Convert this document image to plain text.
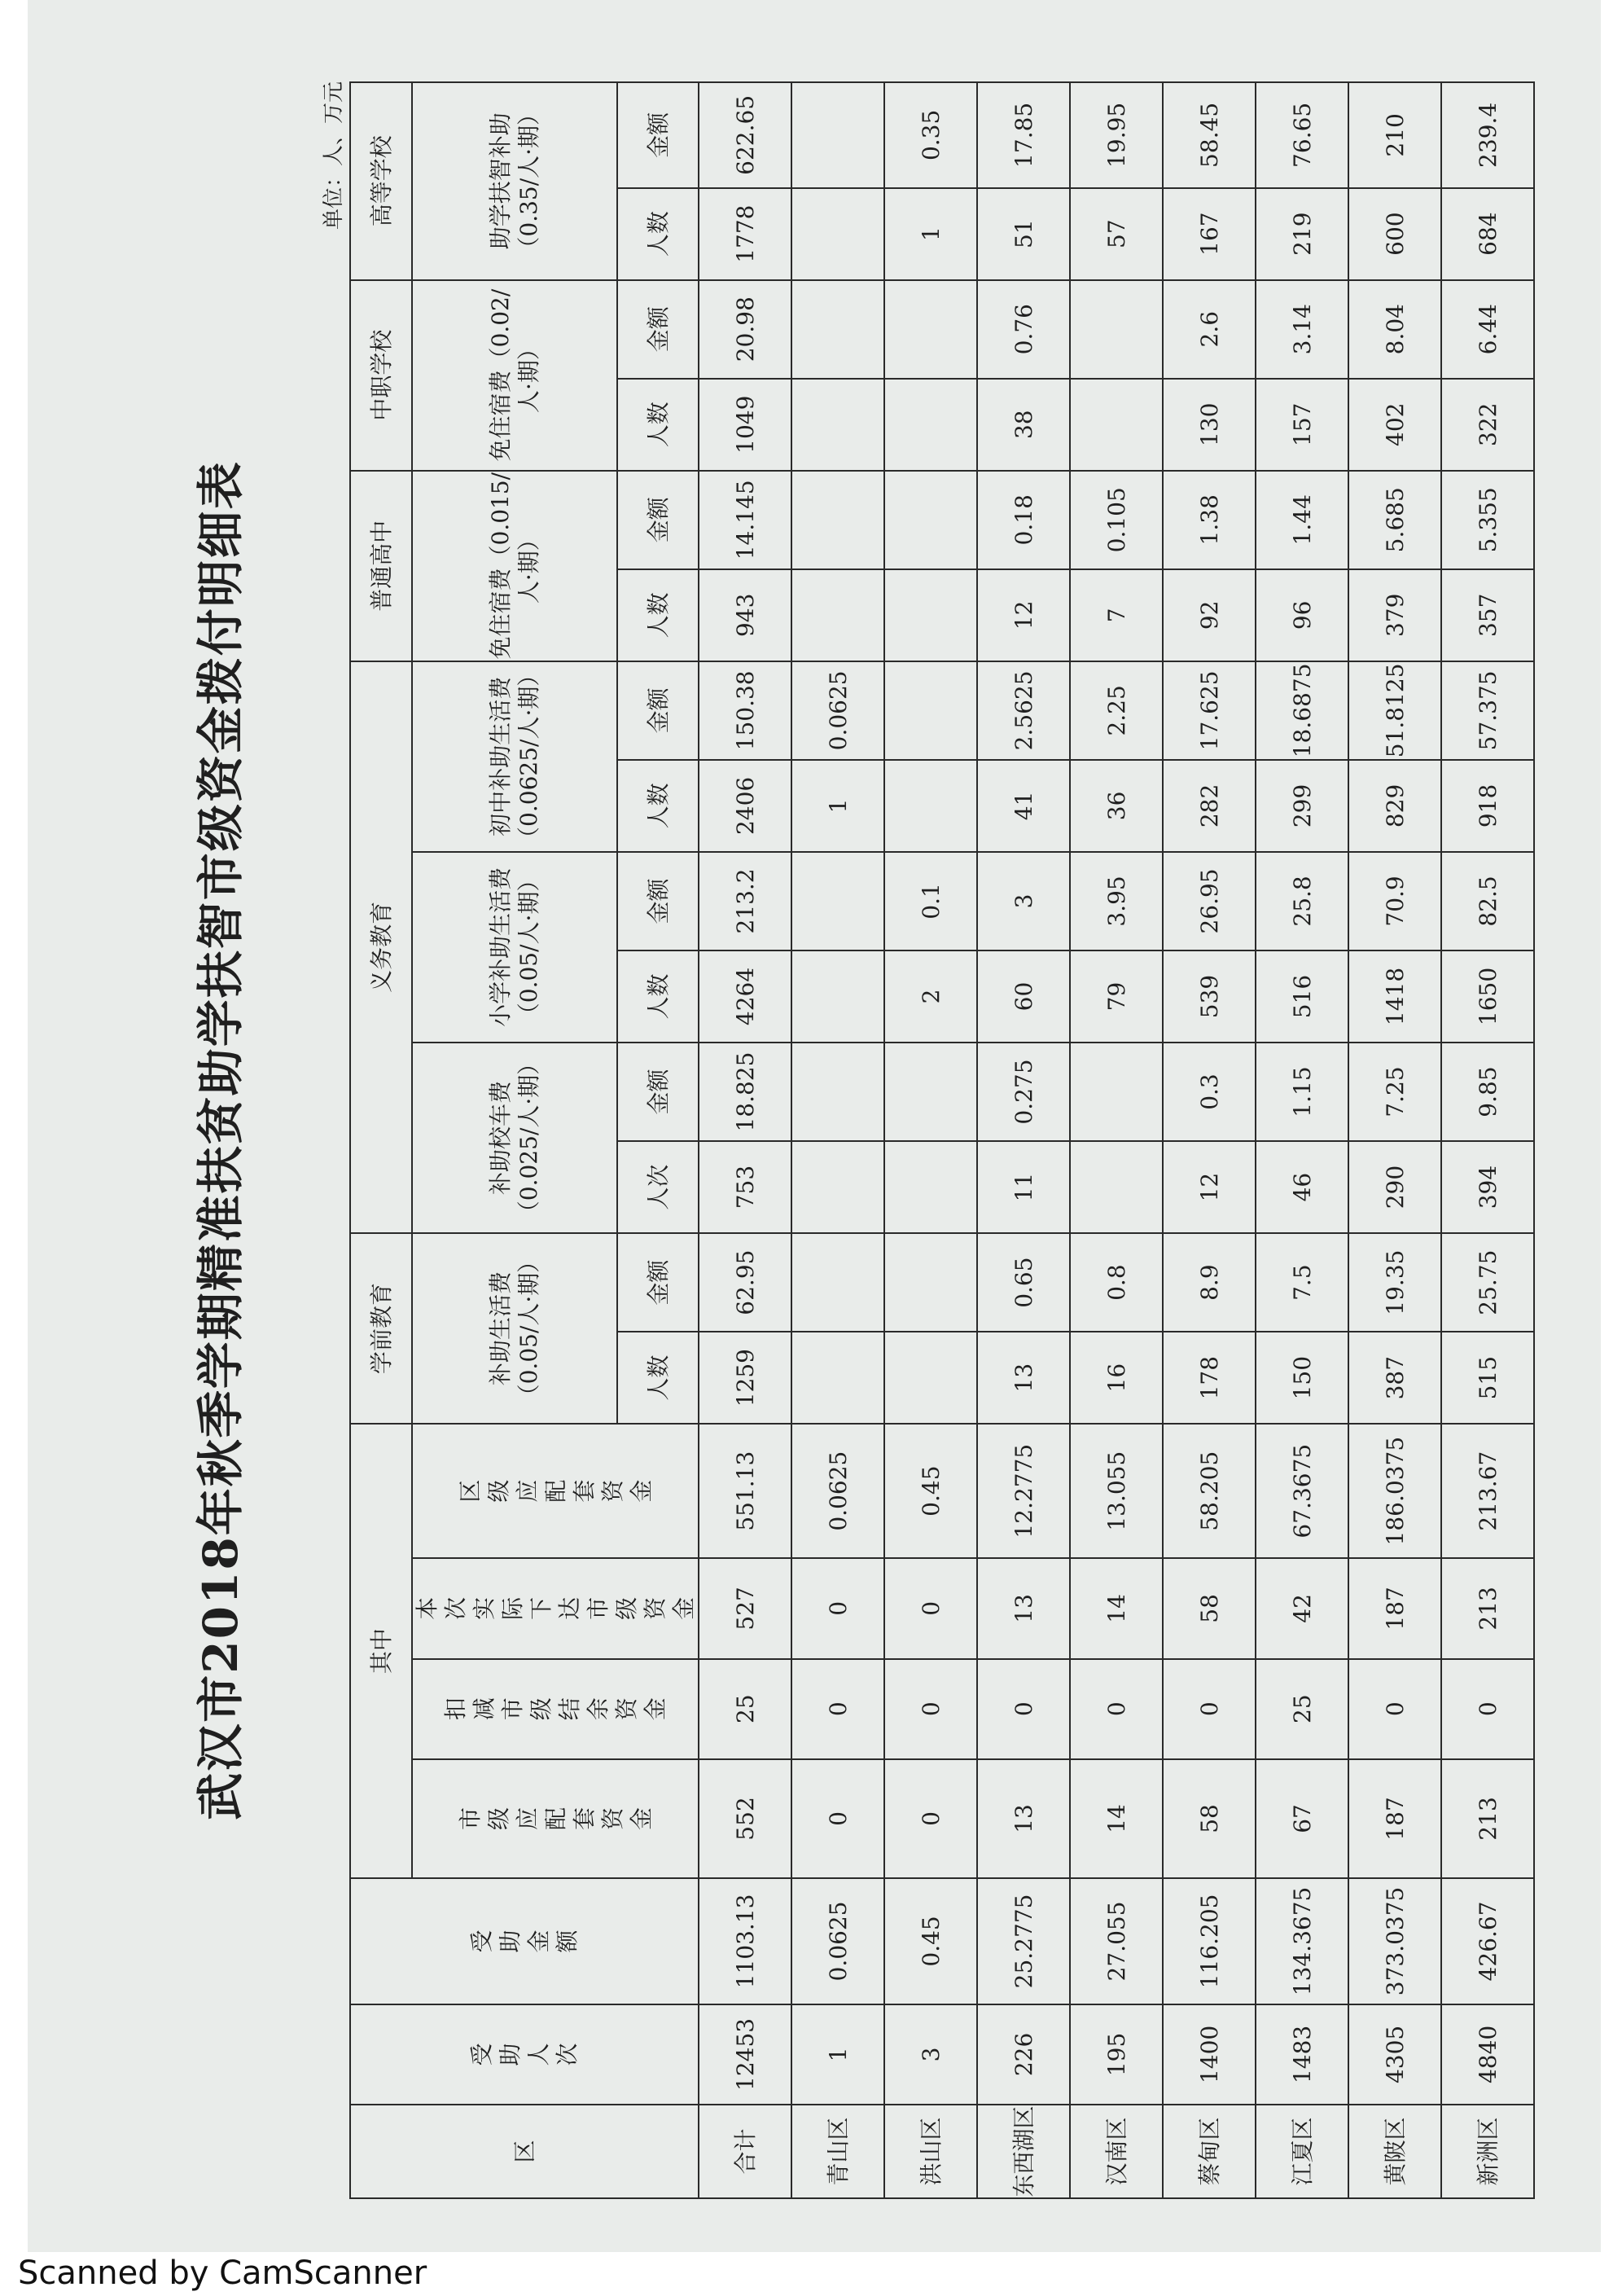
武汉市2018年秋季学期精准扶贫助学扶智市级资金拨付明细表
单位：人、万元
区	受助人次	受助金额	其中				学前教育		义务教育						普通高中		中职学校		高等学校	
			市级应配套资金	扣减市级结余资金	本次实际下达市级资金	区级应配套资金	补助生活费（0.05/人·期）		补助校车费（0.025/人·期）		小学补助生活费（0.05/人·期）		初中补助生活费（0.0625/人·期）		免住宿费（0.015/人·期）		免住宿费（0.02/人·期）		助学扶智补助（0.35/人·期）	
							人数	金额	人次	金额	人数	金额	人数	金额	人数	金额	人数	金额	人数	金额
合计	12453	1103.13	552	25	527	551.13	1259	62.95	753	18.825	4264	213.2	2406	150.38	943	14.145	1049	20.98	1778	622.65
青山区	1	0.0625	0	0	0	0.0625							1	0.0625						
洪山区	3	0.45	0	0	0	0.45					2	0.1							1	0.35
东西湖区	226	25.2775	13	0	13	12.2775	13	0.65	11	0.275	60	3	41	2.5625	12	0.18	38	0.76	51	17.85
汉南区	195	27.055	14	0	14	13.055	16	0.8			79	3.95	36	2.25	7	0.105			57	19.95
蔡甸区	1400	116.205	58	0	58	58.205	178	8.9	12	0.3	539	26.95	282	17.625	92	1.38	130	2.6	167	58.45
江夏区	1483	134.3675	67	25	42	67.3675	150	7.5	46	1.15	516	25.8	299	18.6875	96	1.44	157	3.14	219	76.65
黄陂区	4305	373.0375	187	0	187	186.0375	387	19.35	290	7.25	1418	70.9	829	51.8125	379	5.685	402	8.04	600	210
新洲区	4840	426.67	213	0	213	213.67	515	25.75	394	9.85	1650	82.5	918	57.375	357	5.355	322	6.44	684	239.4
Scanned by CamScanner
